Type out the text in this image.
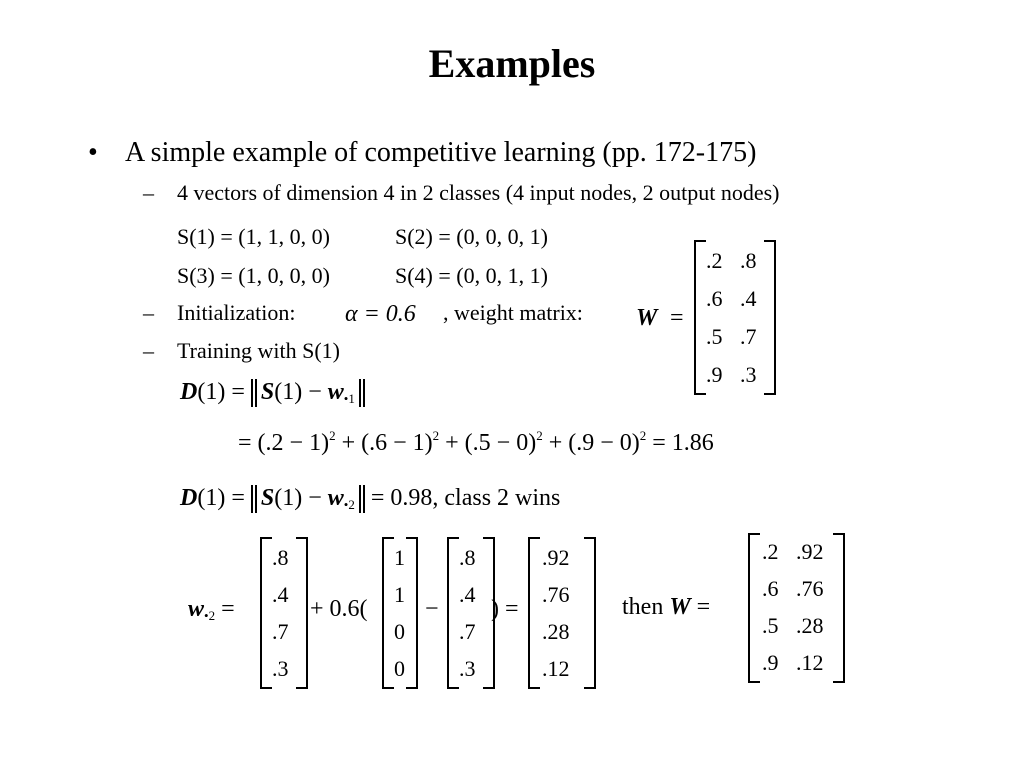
Examples
• A simple example of competitive learning (pp. 172-175)
– 4 vectors of dimension 4 in 2 classes (4 input nodes, 2 output nodes)
S(1) = (1, 1, 0, 0)	S(2) = (0, 0, 0, 1)
S(3) = (1, 0, 0, 0)	S(4) = (0, 0, 1, 1)
– Initialization: α = 0.6 , weight matrix: W =
.2 .8
.6 .4
.5 .7
.9 .3
– Training with S(1)
$D(1) = S(1) - w_{•1}$
= $(.2 - 1)^2 + (.6 - 1)^2 + (.5 - 0)^2 + (.9 - 0)^2 = 1.86$
$D(1) = S(1) - w_{•2} = 0.98$, class 2 wins
$w_{•2}$ =
.8
.4
.7
.3
+ 0.6(
1
1
0
0
−
.8
.4
.7
.3
) =
.92
.76
.28
.12
then W =
.2 .92
.6 .76
.5 .28
.9 .12
